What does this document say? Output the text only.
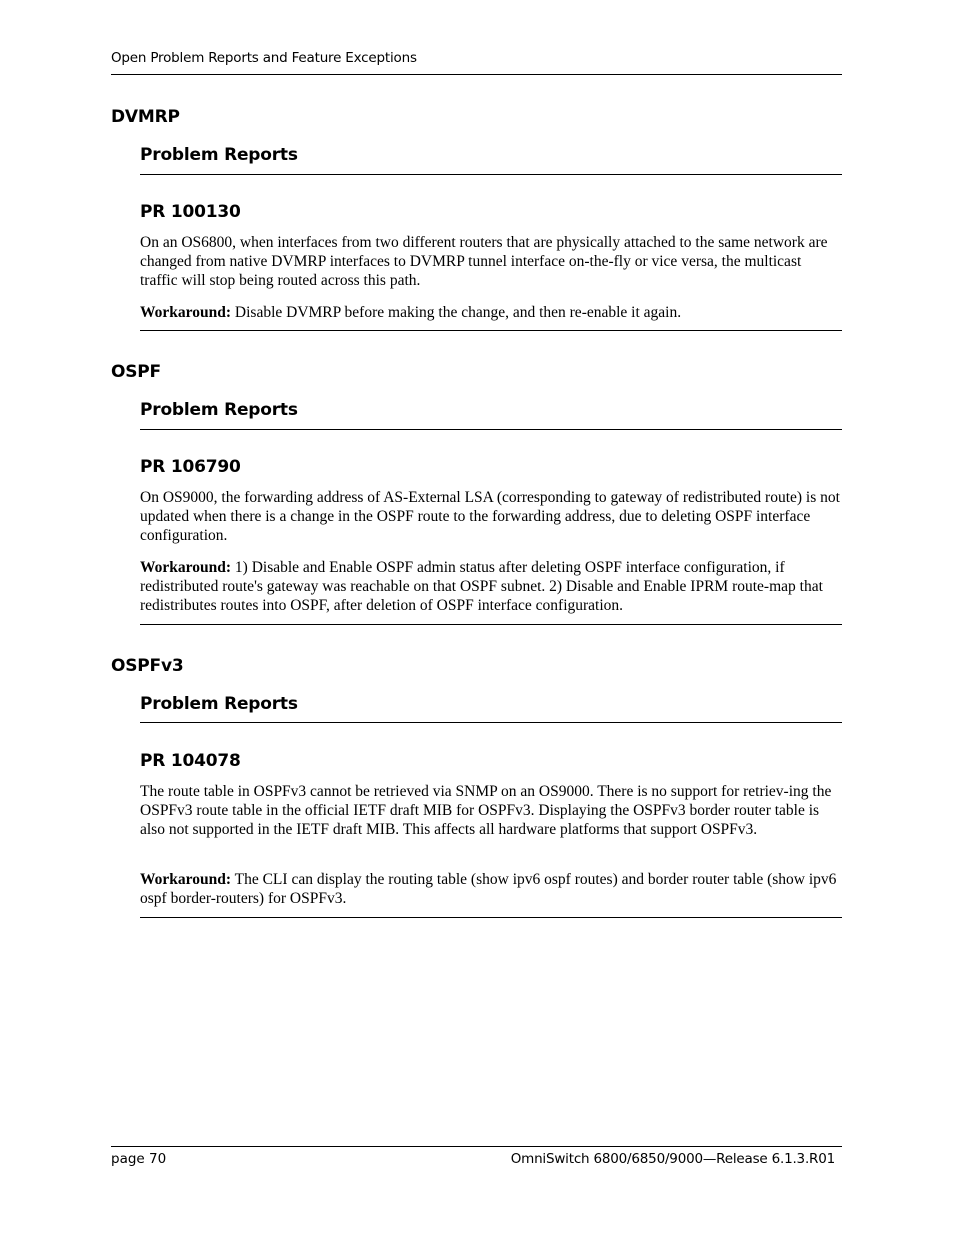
Open Problem Reports and Feature Exceptions
DVMRP
Problem Reports
PR 100130
On an OS6800, when interfaces from two different routers that are physically attached to the same network are changed from native DVMRP interfaces to DVMRP tunnel interface on-the-fly or vice versa, the multicast traffic will stop being routed across this path.
Workaround: Disable DVMRP before making the change, and then re-enable it again.
OSPF
Problem Reports
PR 106790
On OS9000, the forwarding address of AS-External LSA (corresponding to gateway of redistributed route) is not updated when there is a change in the OSPF route to the forwarding address, due to deleting OSPF interface configuration.
Workaround: 1) Disable and Enable OSPF admin status after deleting OSPF interface configuration, if redistributed route's gateway was reachable on that OSPF subnet. 2) Disable and Enable IPRM route-map that redistributes routes into OSPF, after deletion of OSPF interface configuration.
OSPFv3
Problem Reports
PR 104078
The route table in OSPFv3 cannot be retrieved via SNMP on an OS9000. There is no support for retriev-ing the OSPFv3 route table in the official IETF draft MIB for OSPFv3. Displaying the OSPFv3 border router table is also not supported in the IETF draft MIB. This affects all hardware platforms that support OSPFv3.
Workaround: The CLI can display the routing table (show ipv6 ospf routes) and border router table (show ipv6 ospf border-routers) for OSPFv3.
page 70	OmniSwitch 6800/6850/9000—Release 6.1.3.R01
